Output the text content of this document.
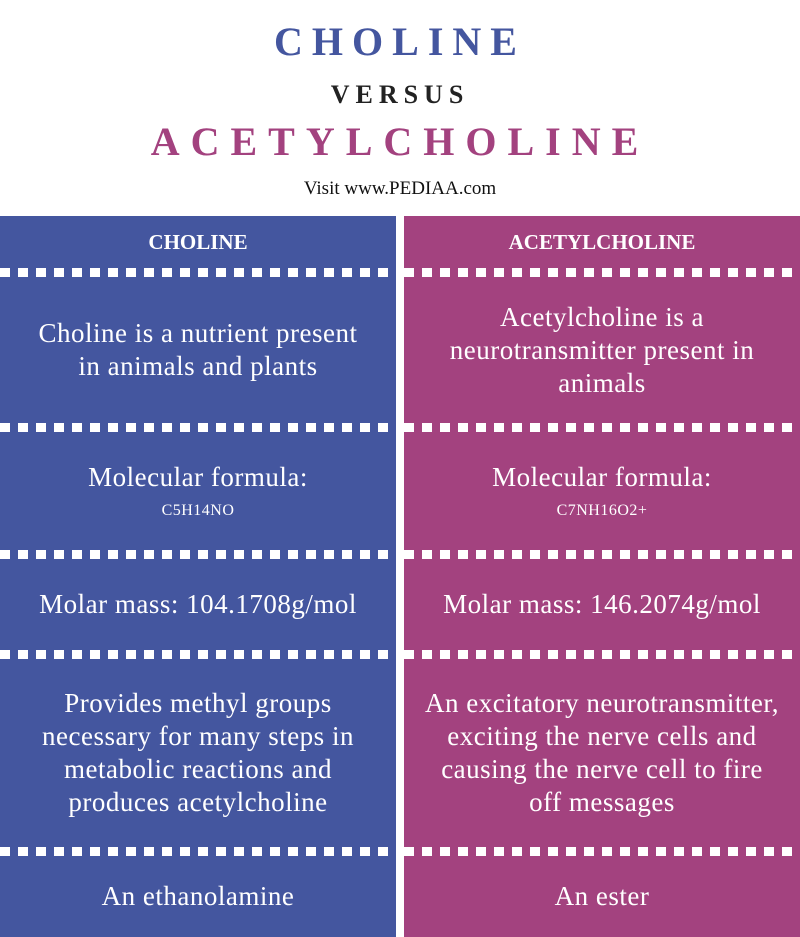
CHOLINE
VERSUS
ACETYLCHOLINE
Visit www.PEDIAA.com
CHOLINE
Choline is a nutrient present in animals and plants
Molecular formula:
C5H14NO
Molar mass: 104.1708g/mol
Provides methyl groups necessary for many steps in metabolic reactions and produces acetylcholine
An ethanolamine
ACETYLCHOLINE
Acetylcholine is a neurotransmitter present in animals
Molecular formula:
C7NH16O2+
Molar mass: 146.2074g/mol
An excitatory neurotransmitter, exciting the nerve cells and causing the nerve cell to fire off messages
An ester
